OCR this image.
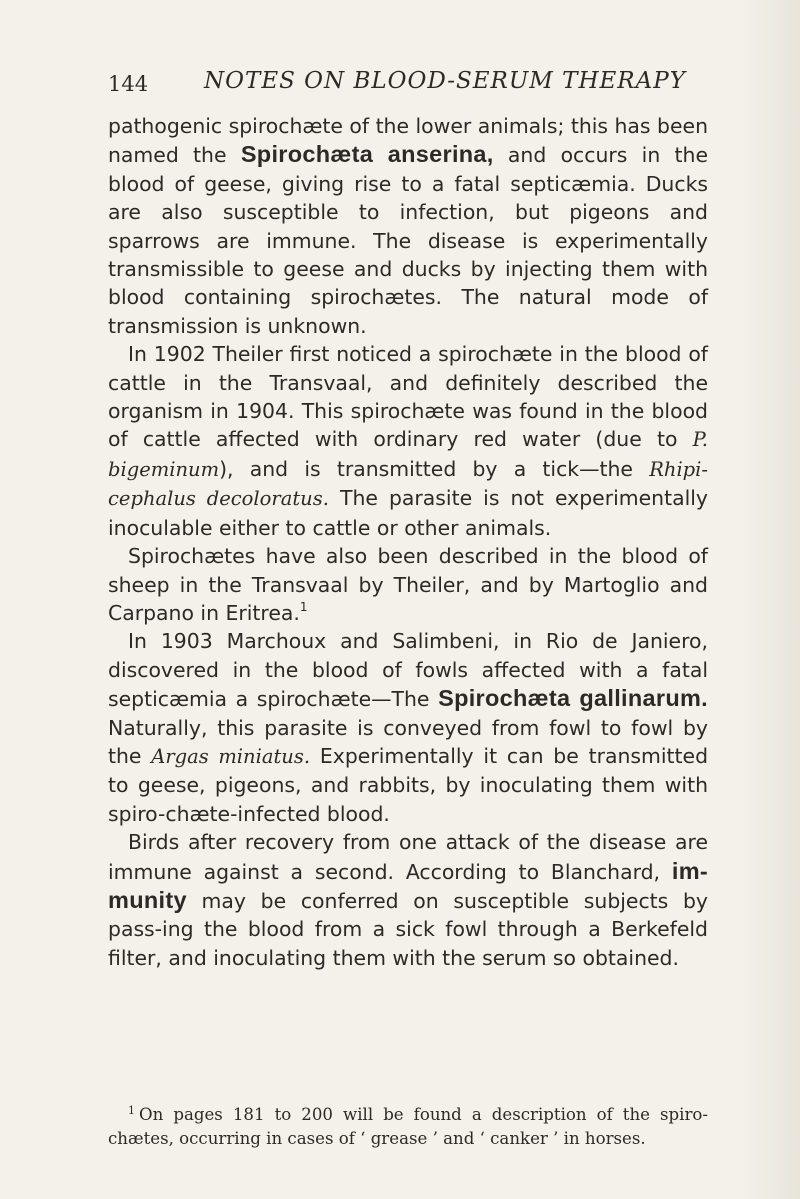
144 NOTES ON BLOOD-SERUM THERAPY

pathogenic spirochæte of the lower animals; this has been named the Spirochæta anserina, and occurs in the blood of geese, giving rise to a fatal septicæmia. Ducks are also susceptible to infection, but pigeons and sparrows are immune. The disease is experimentally transmissible to geese and ducks by injecting them with blood containing spirochætes. The natural mode of transmission is unknown.

In 1902 Theiler first noticed a spirochæte in the blood of cattle in the Transvaal, and definitely described the organism in 1904. This spirochæte was found in the blood of cattle affected with ordinary red water (due to P. bigeminum), and is transmitted by a tick—the Rhipi-cephalus decoloratus. The parasite is not experimentally inoculable either to cattle or other animals.

Spirochætes have also been described in the blood of sheep in the Transvaal by Theiler, and by Martoglio and Carpano in Eritrea.$^1$

In 1903 Marchoux and Salimbeni, in Rio de Janiero, discovered in the blood of fowls affected with a fatal septicæmia a spirochæte—The Spirochæta gallinarum. Naturally, this parasite is conveyed from fowl to fowl by the Argas miniatus. Experimentally it can be transmitted to geese, pigeons, and rabbits, by inoculating them with spiro-chæte-infected blood.

Birds after recovery from one attack of the disease are immune against a second. According to Blanchard, im-munity may be conferred on susceptible subjects by pass-ing the blood from a sick fowl through a Berkefeld filter, and inoculating them with the serum so obtained.

$^1$ On pages 181 to 200 will be found a description of the spiro-chætes, occurring in cases of ‘ grease ’ and ‘ canker ’ in horses.
